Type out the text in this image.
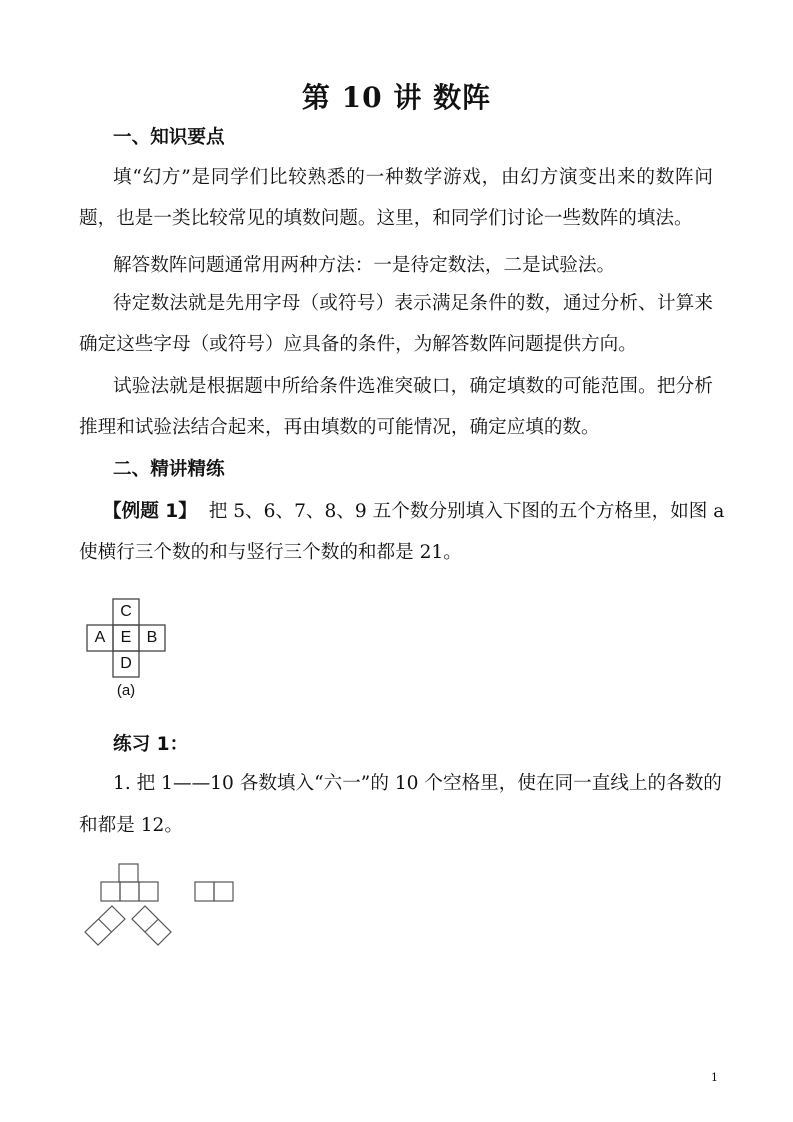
第 10 讲 数阵
一、知识要点
填“幻方”是同学们比较熟悉的一种数学游戏，由幻方演变出来的数阵问
题，也是一类比较常见的填数问题。这里，和同学们讨论一些数阵的填法。
解答数阵问题通常用两种方法：一是待定数法，二是试验法。
待定数法就是先用字母（或符号）表示满足条件的数，通过分析、计算来
确定这些字母（或符号）应具备的条件，为解答数阵问题提供方向。
试验法就是根据题中所给条件选准突破口，确定填数的可能范围。把分析
推理和试验法结合起来，再由填数的可能情况，确定应填的数。
二、精讲精练
【例题 1】 把 5、6、7、8、9 五个数分别填入下图的五个方格里，如图 a
使横行三个数的和与竖行三个数的和都是 21。
C
A E B
D
(a)
练习 1：
1. 把 1——10 各数填入“六一”的 10 个空格里，使在同一直线上的各数的
和都是 12。
1
